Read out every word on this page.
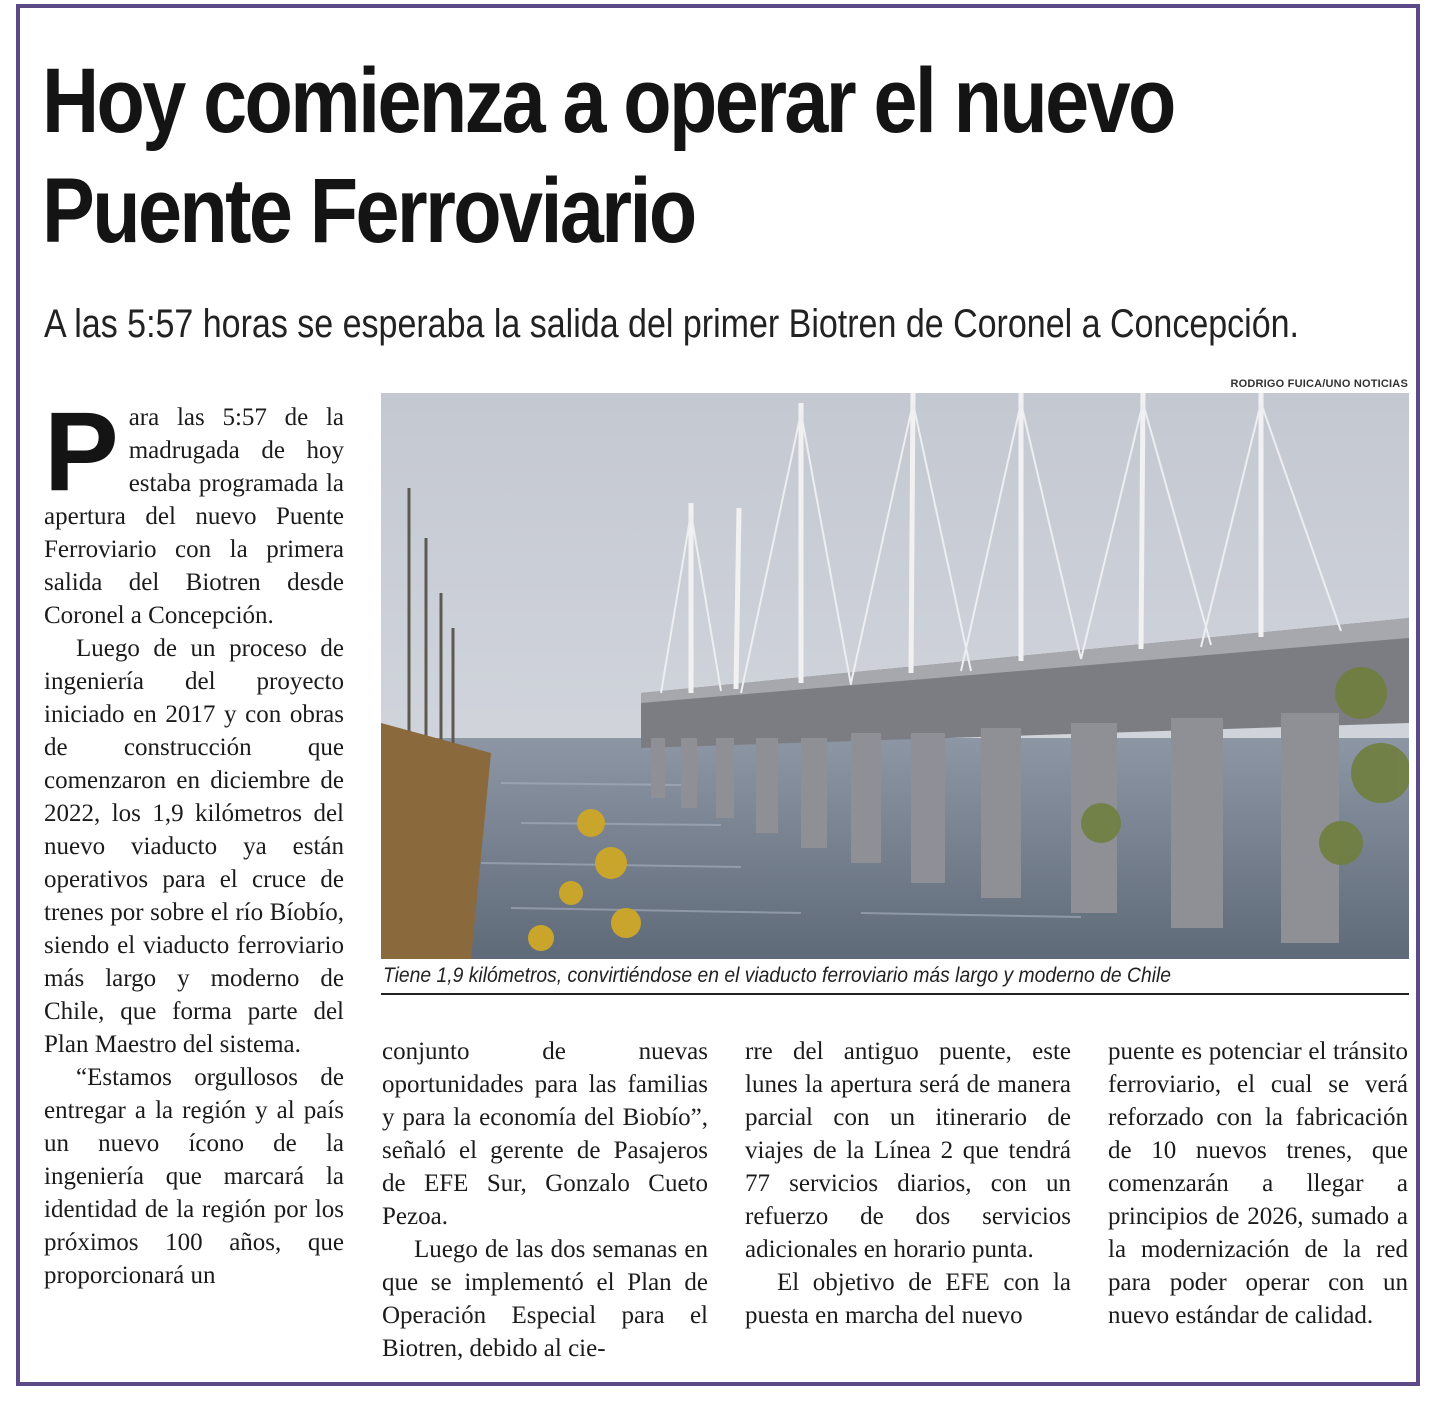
Hoy comienza a operar el nuevo
Puente Ferroviario

A las 5:57 horas se esperaba la salida del primer Biotren de Coronel a Concepción.

RODRIGO FUICA/UNO NOTICIAS

Tiene 1,9 kilómetros, convirtiéndose en el viaducto ferroviario más largo y moderno de Chile

Para las 5:57 de la madrugada de hoy estaba programada la apertura del nuevo Puente Ferroviario con la primera salida del Biotren desde Coronel a Concepción.

Luego de un proceso de ingeniería del proyecto iniciado en 2017 y con obras de construcción que comenzaron en diciembre de 2022, los 1,9 kilómetros del nuevo viaducto ya están operativos para el cruce de trenes por sobre el río Bíobío, siendo el viaducto ferroviario más largo y moderno de Chile, que forma parte del Plan Maestro del sistema.

“Estamos orgullosos de entregar a la región y al país un nuevo ícono de la ingeniería que marcará la identidad de la región por los próximos 100 años, que proporcionará un

conjunto de nuevas oportunidades para las familias y para la economía del Biobío”, señaló el gerente de Pasajeros de EFE Sur, Gonzalo Cueto Pezoa.

Luego de las dos semanas en que se implementó el Plan de Operación Especial para el Biotren, debido al cie-

rre del antiguo puente, este lunes la apertura será de manera parcial con un itinerario de viajes de la Línea 2 que tendrá 77 servicios diarios, con un refuerzo de dos servicios adicionales en horario punta.

El objetivo de EFE con la puesta en marcha del nuevo

puente es potenciar el tránsito ferroviario, el cual se verá reforzado con la fabricación de 10 nuevos trenes, que comenzarán a llegar a principios de 2026, sumado a la modernización de la red para poder operar con un nuevo estándar de calidad.
